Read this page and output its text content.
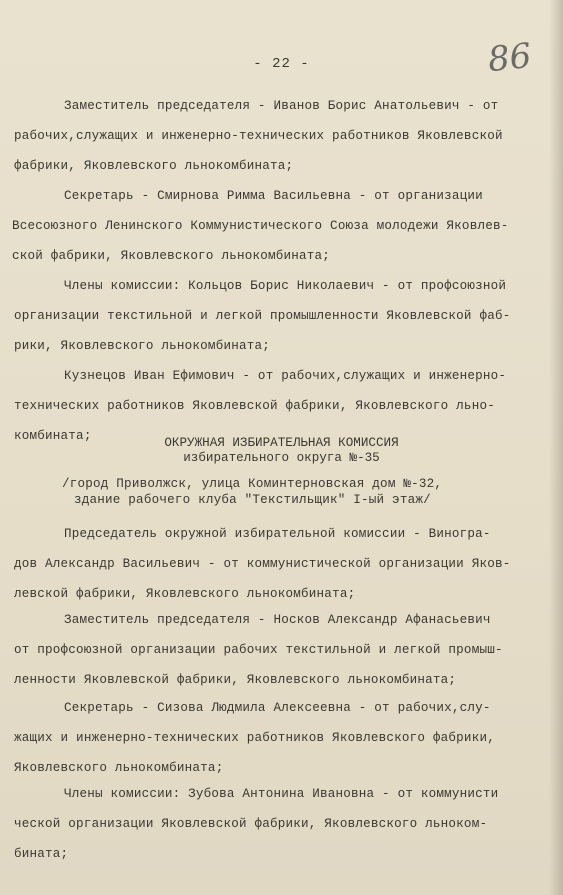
- 22 -	86
Заместитель председателя - Иванов Борис Анатольевич - от
рабочих,служащих и инженерно-технических работников Яковлевской
фабрики, Яковлевского льнокомбината;
Секретарь - Смирнова Римма Васильевна - от организации
Всесоюзного Ленинского Коммунистического Союза молодежи Яковлев-
ской фабрики, Яковлевского льнокомбината;
Члены комиссии: Кольцов Борис Николаевич - от профсоюзной
организации текстильной и легкой промышленности Яковлевской фаб-
рики, Яковлевского льнокомбината;
Кузнецов Иван Ефимович - от рабочих,служащих и инженерно-
технических работников Яковлевской фабрики, Яковлевского льно-
комбината;	ОКРУЖНАЯ ИЗБИРАТЕЛЬНАЯ КОМИССИЯ
избирательного округа №-35
/город Приволжск, улица Коминтерновская дом №-32,
здание рабочего клуба "Текстильщик" I-ый этаж/
Председатель окружной избирательной комиссии - Виногра-
дов Александр Васильевич - от коммунистической организации Яков-
левской фабрики, Яковлевского льнокомбината;
Заместитель председателя - Носков Александр Афанасьевич
от профсоюзной организации рабочих текстильной и легкой промыш-
ленности Яковлевской фабрики, Яковлевского льнокомбината;
Секретарь - Сизова Людмила Алексеевна - от рабочих,слу-
жащих и инженерно-технических работников Яковлевского фабрики,
Яковлевского льнокомбината;
Члены комиссии: Зубова Антонина Ивановна - от коммунисти
ческой организации Яковлевской фабрики, Яковлевского льноком-
бината;
